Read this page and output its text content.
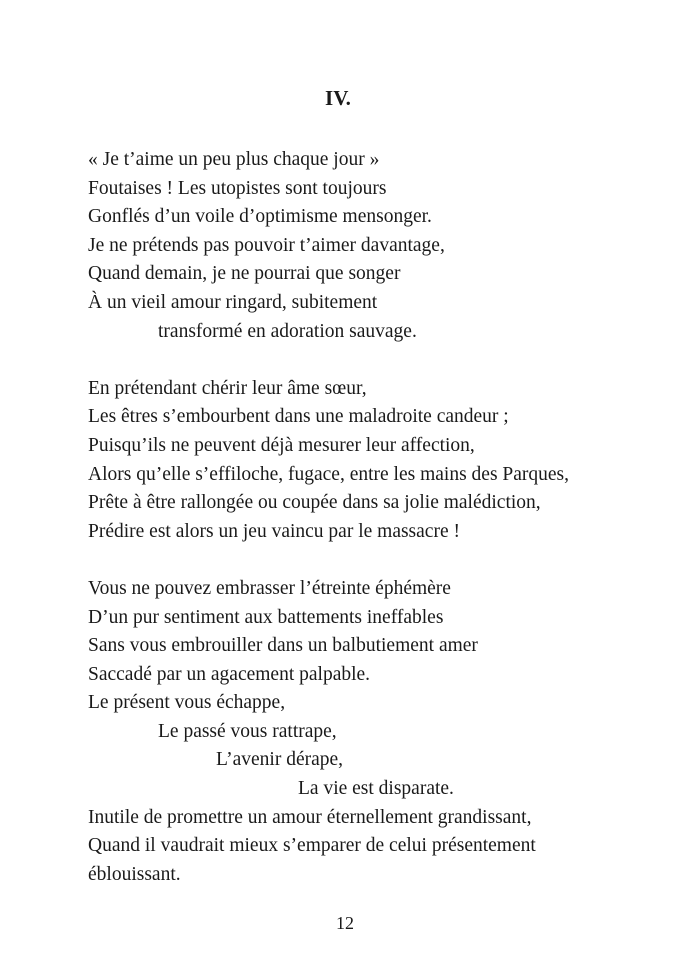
IV.
« Je t’aime un peu plus chaque jour »
Foutaises ! Les utopistes sont toujours
Gonflés d’un voile d’optimisme mensonger.
Je ne prétends pas pouvoir t’aimer davantage,
Quand demain, je ne pourrai que songer
À un vieil amour ringard, subitement
transformé en adoration sauvage.
En prétendant chérir leur âme sœur,
Les êtres s’embourbent dans une maladroite candeur ;
Puisqu’ils ne peuvent déjà mesurer leur affection,
Alors qu’elle s’effiloche, fugace, entre les mains des Parques,
Prête à être rallongée ou coupée dans sa jolie malédiction,
Prédire est alors un jeu vaincu par le massacre !
Vous ne pouvez embrasser l’étreinte éphémère
D’un pur sentiment aux battements ineffables
Sans vous embrouiller dans un balbutiement amer
Saccadé par un agacement palpable.
Le présent vous échappe,
Le passé vous rattrape,
L’avenir dérape,
La vie est disparate.
Inutile de promettre un amour éternellement grandissant,
Quand il vaudrait mieux s’emparer de celui présentement
éblouissant.
12
